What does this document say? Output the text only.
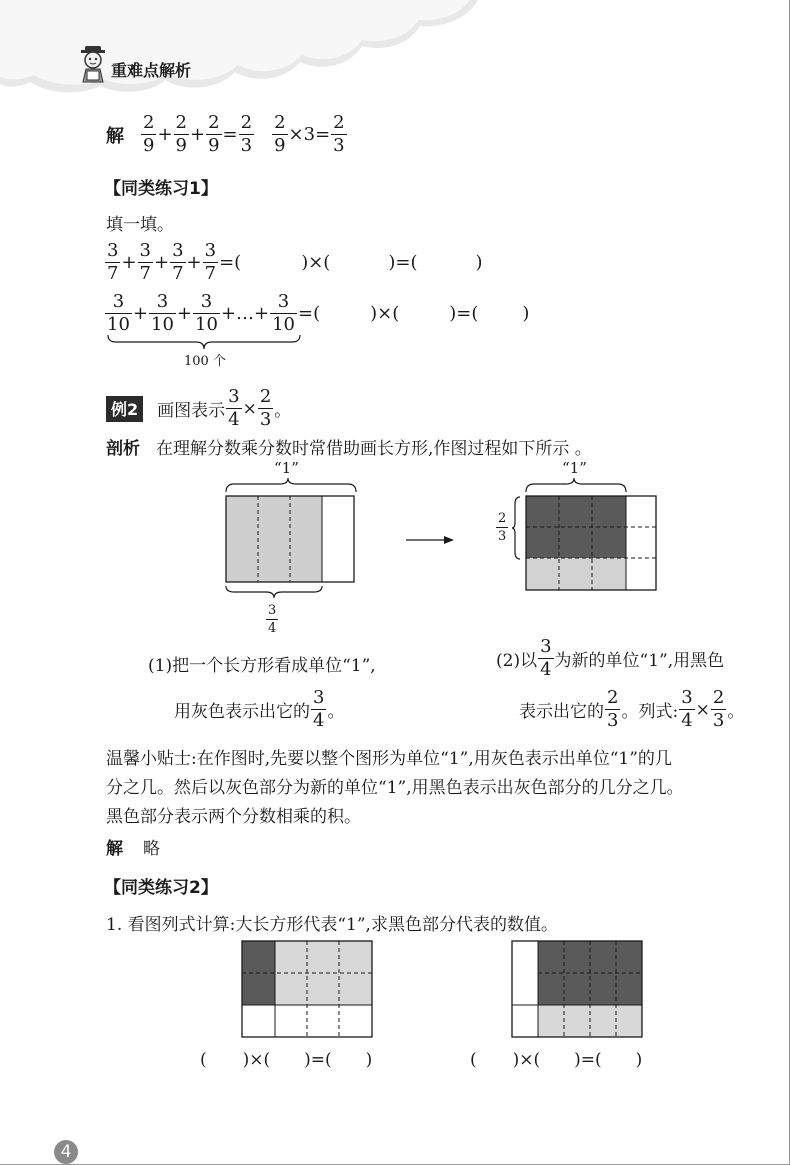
重难点解析
解 $\frac{2}{9} + \frac{2}{9} + \frac{2}{9} = \frac{2}{3} \frac{2}{9} \times 3= \frac{2}{3}$
【同类练习1】
填一填。
$\frac{3}{7} + \frac{3}{7} + \frac{3}{7} + \frac{3}{7}$ =(	)×(	)=(	)
$\frac{3}{10} + \frac{3}{10} + \frac{3}{10}$ +…+ $\frac{3}{10}$ =(	)×(	)=( )
100 个
例2 画图表示 $\frac{3}{4} \times \frac{2}{3}$ 。
剖析 在理解分数乘分数时常借助画长方形,作图过程如下所示 。
“1”
3
4
“1”
2
3
(1)把一个长方形看成单位“1”,
用灰色表示出它的 $\frac{3}{4}$ 。
(2)以 $\frac{3}{4}$ 为新的单位“1”,用黑色
表示出它的 $\frac{2}{3}$ 。列式: $\frac{3}{4} \times \frac{2}{3}$ 。
温馨小贴士:在作图时,先要以整个图形为单位“1”,用灰色表示出单位“1”的几
分之几。然后以灰色部分为新的单位“1”,用黑色表示出灰色部分的几分之几。
黑色部分表示两个分数相乘的积。
解 略
【同类练习2】
1. 看图列式计算:大长方形代表“1”,求黑色部分代表的数值。
( )×( )=( )	( )×( )=( )
4
